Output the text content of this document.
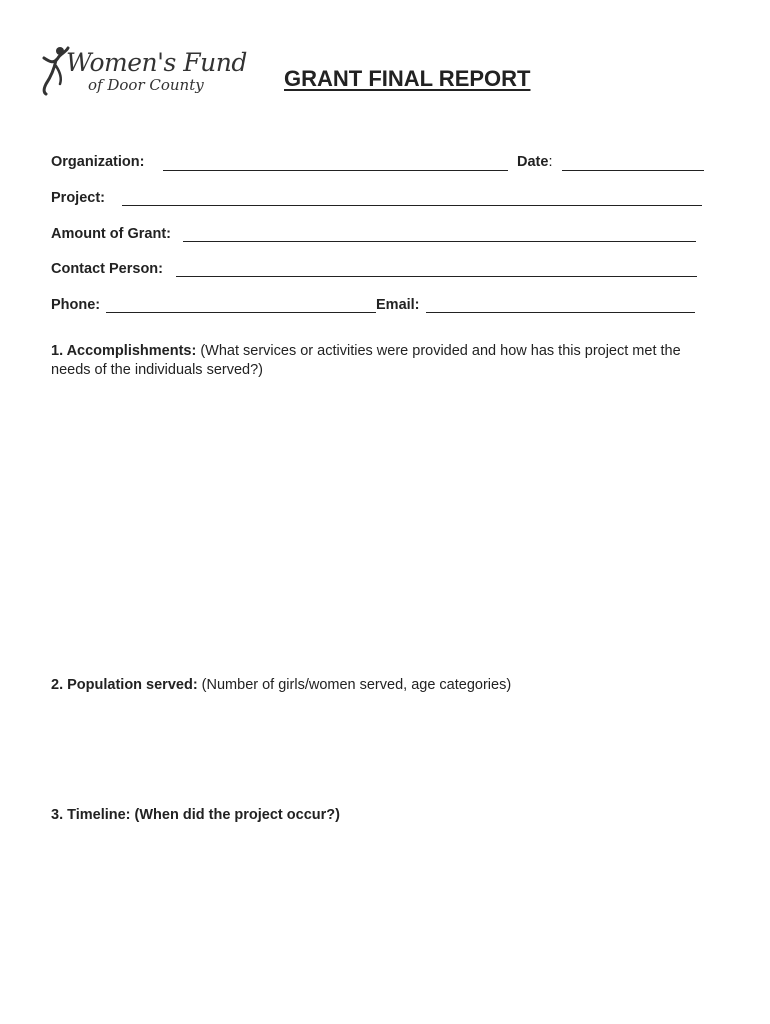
Women's Fund
of Door County	GRANT FINAL REPORT
Organization:	Date:
Project:
Amount of Grant:
Contact Person:
Phone:	Email:
1. Accomplishments: (What services or activities were provided and how has this project met the needs of the individuals served?)
2. Population served: (Number of girls/women served, age categories)
3. Timeline: (When did the project occur?)
